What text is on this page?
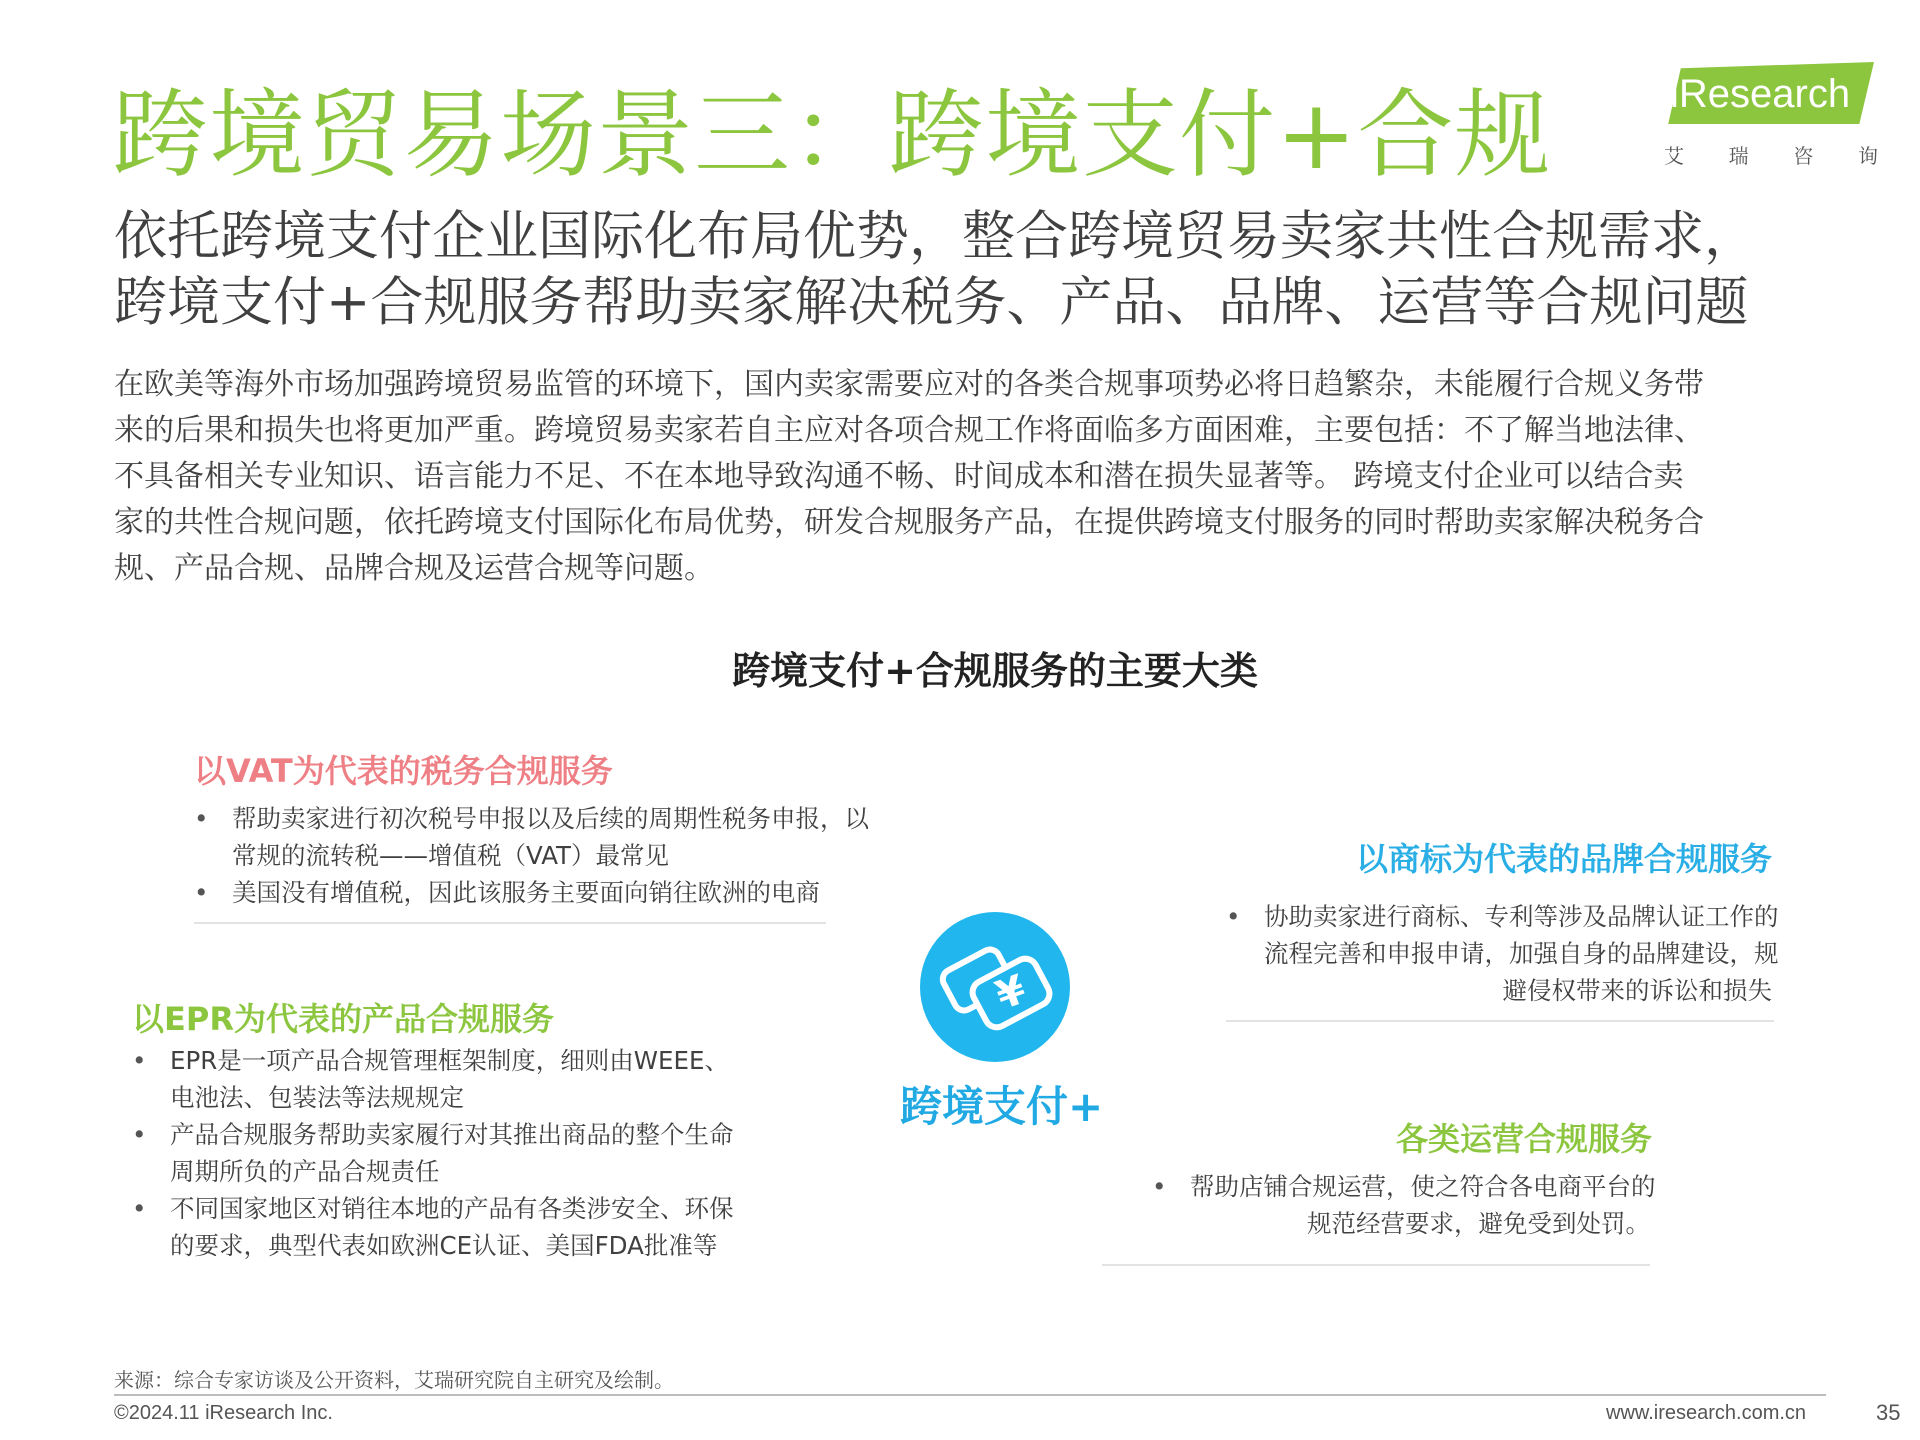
跨境贸易场景三：跨境支付+合规	iResearch
艾 瑞 咨 询
依托跨境支付企业国际化布局优势，整合跨境贸易卖家共性合规需求，
跨境支付+合规服务帮助卖家解决税务、产品、品牌、运营等合规问题
在欧美等海外市场加强跨境贸易监管的环境下，国内卖家需要应对的各类合规事项势必将日趋繁杂，未能履行合规义务带
来的后果和损失也将更加严重。跨境贸易卖家若自主应对各项合规工作将面临多方面困难，主要包括：不了解当地法律、
不具备相关专业知识、语言能力不足、不在本地导致沟通不畅、时间成本和潜在损失显著等。 跨境支付企业可以结合卖
家的共性合规问题，依托跨境支付国际化布局优势，研发合规服务产品，在提供跨境支付服务的同时帮助卖家解决税务合
规、产品合规、品牌合规及运营合规等问题。
跨境支付+合规服务的主要大类
以VAT为代表的税务合规服务
• 帮助卖家进行初次税号申报以及后续的周期性税务申报，以
常规的流转税——增值税（VAT）最常见
• 美国没有增值税，因此该服务主要面向销往欧洲的电商
以EPR为代表的产品合规服务
• EPR是一项产品合规管理框架制度，细则由WEEE、
电池法、包装法等法规规定
• 产品合规服务帮助卖家履行对其推出商品的整个生命
周期所负的产品合规责任
• 不同国家地区对销往本地的产品有各类涉安全、环保
的要求，典型代表如欧洲CE认证、美国FDA批准等
¥
跨境支付+
以商标为代表的品牌合规服务
• 协助卖家进行商标、专利等涉及品牌认证工作的
流程完善和申报申请，加强自身的品牌建设，规
避侵权带来的诉讼和损失
各类运营合规服务
• 帮助店铺合规运营，使之符合各电商平台的
规范经营要求，避免受到处罚。
来源：综合专家访谈及公开资料，艾瑞研究院自主研究及绘制。
©2024.11 iResearch Inc.	www.iresearch.com.cn	35
